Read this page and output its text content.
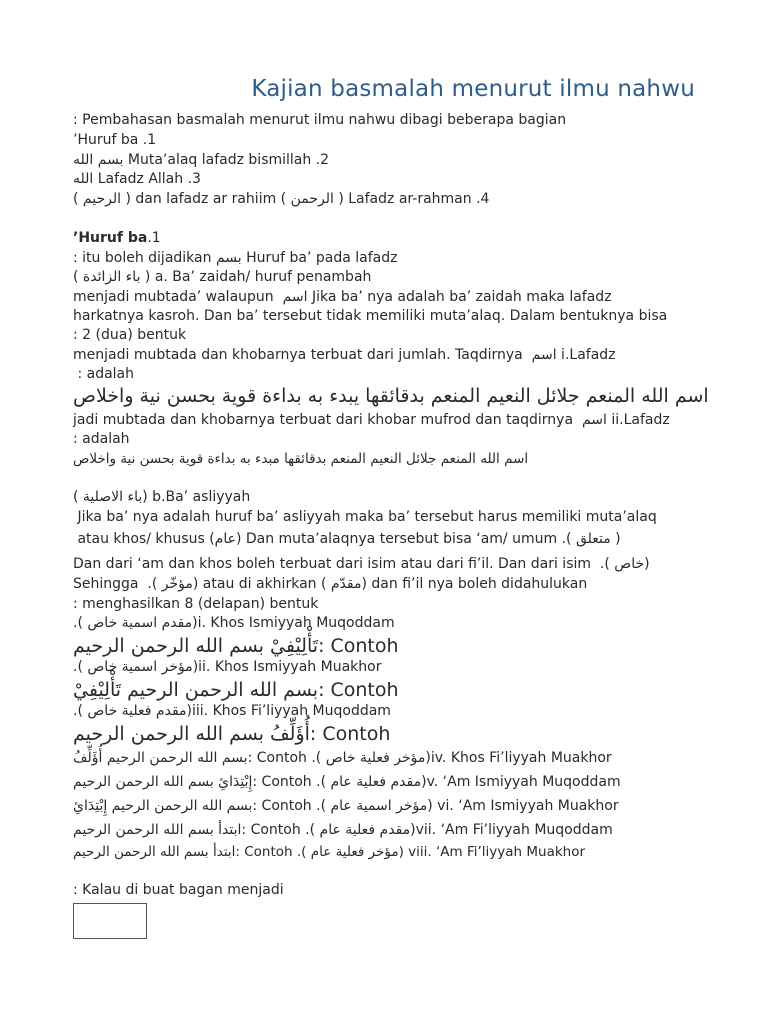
Kajian basmalah menurut ilmu nahwu
: Pembahasan basmalah menurut ilmu nahwu dibagi beberapa bagian
’Huruf ba .1
بسم الله Muta’alaq lafadz bismillah .2
الله Lafadz Allah .3
( الرحيم ) dan lafadz ar rahiim ( الرحمن ) Lafadz ar-rahman .4
’Huruf ba.1
: itu boleh dijadikan بسم Huruf ba’ pada lafadz
( باء الزائدة ) a. Ba’ zaidah/ huruf penambah
menjadi mubtada’ walaupun  اسم Jika ba’ nya adalah ba’ zaidah maka lafadz
harkatnya kasroh. Dan ba’ tersebut tidak memiliki muta’alaq. Dalam bentuknya bisa
: 2 (dua) bentuk
menjadi mubtada dan khobarnya terbuat dari jumlah. Taqdirnya  اسم i.Lafadz
: adalah
اسم الله المنعم جلائل النعيم المنعم بدقائقها يبدء به بداءة قوية بحسن نية واخلاص
jadi mubtada dan khobarnya terbuat dari khobar mufrod dan taqdirnya  اسم ii.Lafadz
: adalah
اسم الله المنعم جلائل النعيم المنعم بدقائقها مبدء به بداءة قوية بحسن نية واخلاص
( باء الاصلية) b.Ba’ asliyyah
Jika ba’ nya adalah huruf ba’ asliyyah maka ba’ tersebut harus memiliki muta’alaq
atau khos/ khusus (عام) Dan muta’alaqnya tersebut bisa ‘am/ umum .( متعلق )
Dan dari ‘am dan khos boleh terbuat dari isim atau dari fi’il. Dan dari isim  .( خاص)
Sehingga  .( مؤخّر) atau di akhirkan ( مقدّم) dan fi’il nya boleh didahulukan
: menghasilkan 8 (delapan) bentuk
.( مقدم اسمية خاص)i. Khos Ismiyyah Muqoddam
تَأْلِيْفِيْ بسم الله الرحمن الرحيم: Contoh
.( مؤخر اسمية خاص)ii. Khos Ismiyyah Muakhor
بسم الله الرحمن الرحيم تَأْلِيْفِيْ: Contoh
.( مقدم فعلية خاص)iii. Khos Fi’liyyah Muqoddam
أُؤَلِّفُ بسم الله الرحمن الرحيم: Contoh
بسم الله الرحمن الرحيم أُؤَلِّفُ: Contoh .( مؤخر فعلية خاص)iv. Khos Fi’liyyah Muakhor
إِبْتِدَائِ بسم الله الرحمن الرحيم: Contoh .( مقدم فعلية عام)v. ‘Am Ismiyyah Muqoddam
بسم الله الرحمن الرحيم إِبْتِدَائِ: Contoh .( مؤخر اسمية عام) vi. ‘Am Ismiyyah Muakhor
ابتدأ بسم الله الرحمن الرحيم: Contoh .( مقدم فعلية عام)vii. ‘Am Fi’liyyah Muqoddam
ابتدأ بسم الله الرحمن الرحيم: Contoh .( مؤخر فعلية عام) viii. ‘Am Fi’liyyah Muakhor
: Kalau di buat bagan menjadi
